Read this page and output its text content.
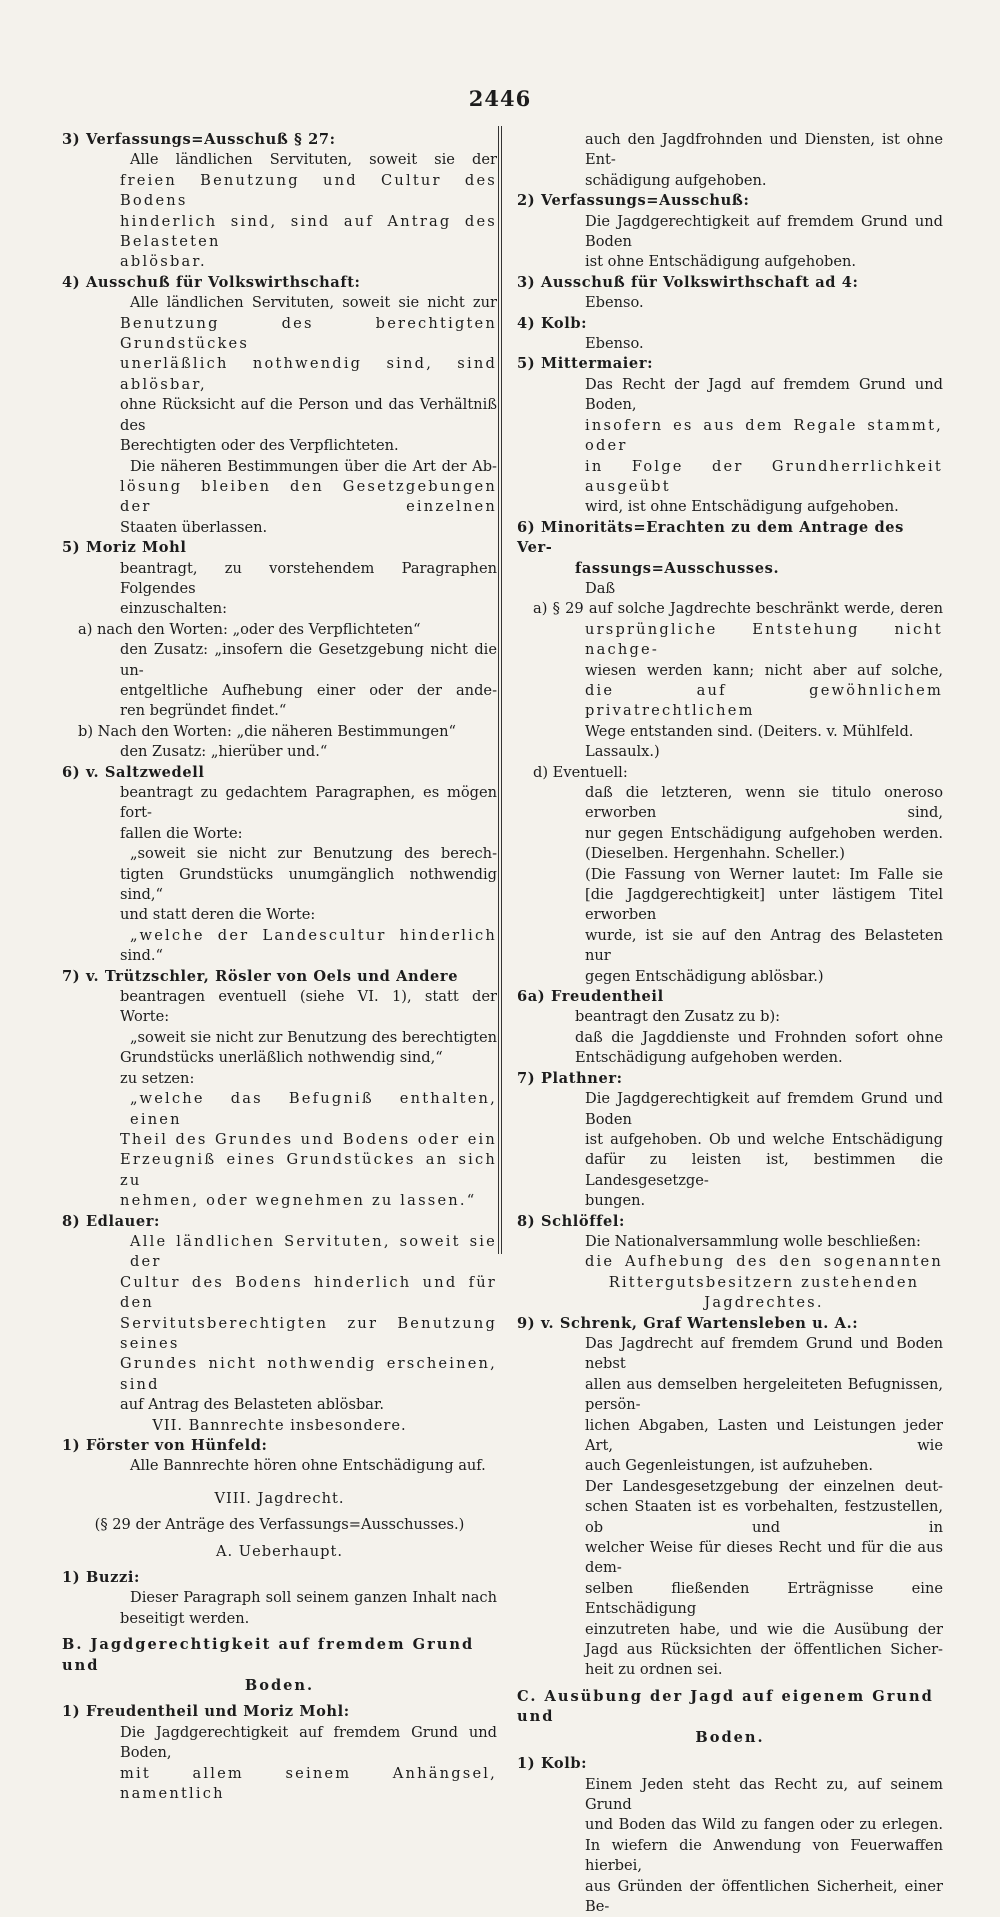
2446
3) Verfassungs=Ausschuß § 27:
Alle ländlichen Servituten, soweit sie der
freien Benutzung und Cultur des Bodens
hinderlich sind, sind auf Antrag des Belasteten
ablösbar.
4) Ausschuß für Volkswirthschaft:
Alle ländlichen Servituten, soweit sie nicht zur
Benutzung des berechtigten Grundstückes
unerläßlich nothwendig sind, sind ablösbar,
ohne Rücksicht auf die Person und das Verhältniß des
Berechtigten oder des Verpflichteten.
Die näheren Bestimmungen über die Art der Ab-
lösung bleiben den Gesetzgebungen der einzelnen
Staaten überlassen.
5) Moriz Mohl
beantragt, zu vorstehendem Paragraphen Folgendes
einzuschalten:
a) nach den Worten: „oder des Verpflichteten“
den Zusatz: „insofern die Gesetzgebung nicht die un-
entgeltliche Aufhebung einer oder der ande-
ren begründet findet.“
b) Nach den Worten: „die näheren Bestimmungen“
den Zusatz: „hierüber und.“
6) v. Saltzwedell
beantragt zu gedachtem Paragraphen, es mögen fort-
fallen die Worte:
„soweit sie nicht zur Benutzung des berech-
tigten Grundstücks unumgänglich nothwendig sind,“
und statt deren die Worte:
„welche der Landescultur hinderlich
sind.“
7) v. Trützschler, Rösler von Oels und Andere
beantragen eventuell (siehe VI. 1), statt der
Worte:
„soweit sie nicht zur Benutzung des berechtigten
Grundstücks unerläßlich nothwendig sind,“
zu setzen:
„welche das Befugniß enthalten, einen
Theil des Grundes und Bodens oder ein
Erzeugniß eines Grundstückes an sich zu
nehmen, oder wegnehmen zu lassen.“
8) Edlauer:
Alle ländlichen Servituten, soweit sie der
Cultur des Bodens hinderlich und für den
Servitutsberechtigten zur Benutzung seines
Grundes nicht nothwendig erscheinen, sind
auf Antrag des Belasteten ablösbar.
VII. Bannrechte insbesondere.
1) Förster von Hünfeld:
Alle Bannrechte hören ohne Entschädigung auf.
VIII. Jagdrecht.
(§ 29 der Anträge des Verfassungs=Ausschusses.)
A. Ueberhaupt.
1) Buzzi:
Dieser Paragraph soll seinem ganzen Inhalt nach
beseitigt werden.
B. Jagdgerechtigkeit auf fremdem Grund und
Boden.
1) Freudentheil und Moriz Mohl:
Die Jagdgerechtigkeit auf fremdem Grund und Boden,
mit allem seinem Anhängsel, namentlich
auch den Jagdfrohnden und Diensten, ist ohne Ent-
schädigung aufgehoben.
2) Verfassungs=Ausschuß:
Die Jagdgerechtigkeit auf fremdem Grund und Boden
ist ohne Entschädigung aufgehoben.
3) Ausschuß für Volkswirthschaft ad 4:
Ebenso.
4) Kolb:
Ebenso.
5) Mittermaier:
Das Recht der Jagd auf fremdem Grund und Boden,
insofern es aus dem Regale stammt, oder
in Folge der Grundherrlichkeit ausgeübt
wird, ist ohne Entschädigung aufgehoben.
6) Minoritäts=Erachten zu dem Antrage des Ver-
fassungs=Ausschusses.
Daß
a) § 29 auf solche Jagdrechte beschränkt werde, deren
ursprüngliche Entstehung nicht nachge-
wiesen werden kann; nicht aber auf solche,
die auf gewöhnlichem privatrechtlichem
Wege entstanden sind. (Deiters. v. Mühlfeld. Lassaulx.)
d) Eventuell:
daß die letzteren, wenn sie titulo oneroso erworben sind,
nur gegen Entschädigung aufgehoben werden.
(Dieselben. Hergenhahn. Scheller.)
(Die Fassung von Werner lautet: Im Falle sie
[die Jagdgerechtigkeit] unter lästigem Titel erworben
wurde, ist sie auf den Antrag des Belasteten nur
gegen Entschädigung ablösbar.)
6a) Freudentheil
beantragt den Zusatz zu b):
daß die Jagddienste und Frohnden sofort ohne
Entschädigung aufgehoben werden.
7) Plathner:
Die Jagdgerechtigkeit auf fremdem Grund und Boden
ist aufgehoben. Ob und welche Entschädigung
dafür zu leisten ist, bestimmen die Landesgesetzge-
bungen.
8) Schlöffel:
Die Nationalversammlung wolle beschließen:
die Aufhebung des den sogenannten
Rittergutsbesitzern zustehenden Jagdrechtes.
9) v. Schrenk, Graf Wartensleben u. A.:
Das Jagdrecht auf fremdem Grund und Boden nebst
allen aus demselben hergeleiteten Befugnissen, persön-
lichen Abgaben, Lasten und Leistungen jeder Art, wie
auch Gegenleistungen, ist aufzuheben.
Der Landesgesetzgebung der einzelnen deut-
schen Staaten ist es vorbehalten, festzustellen, ob und in
welcher Weise für dieses Recht und für die aus dem-
selben fließenden Erträgnisse eine Entschädigung
einzutreten habe, und wie die Ausübung der
Jagd aus Rücksichten der öffentlichen Sicher-
heit zu ordnen sei.
C. Ausübung der Jagd auf eigenem Grund und
Boden.
1) Kolb:
Einem Jeden steht das Recht zu, auf seinem Grund
und Boden das Wild zu fangen oder zu erlegen.
In wiefern die Anwendung von Feuerwaffen hierbei,
aus Gründen der öffentlichen Sicherheit, einer Be-
